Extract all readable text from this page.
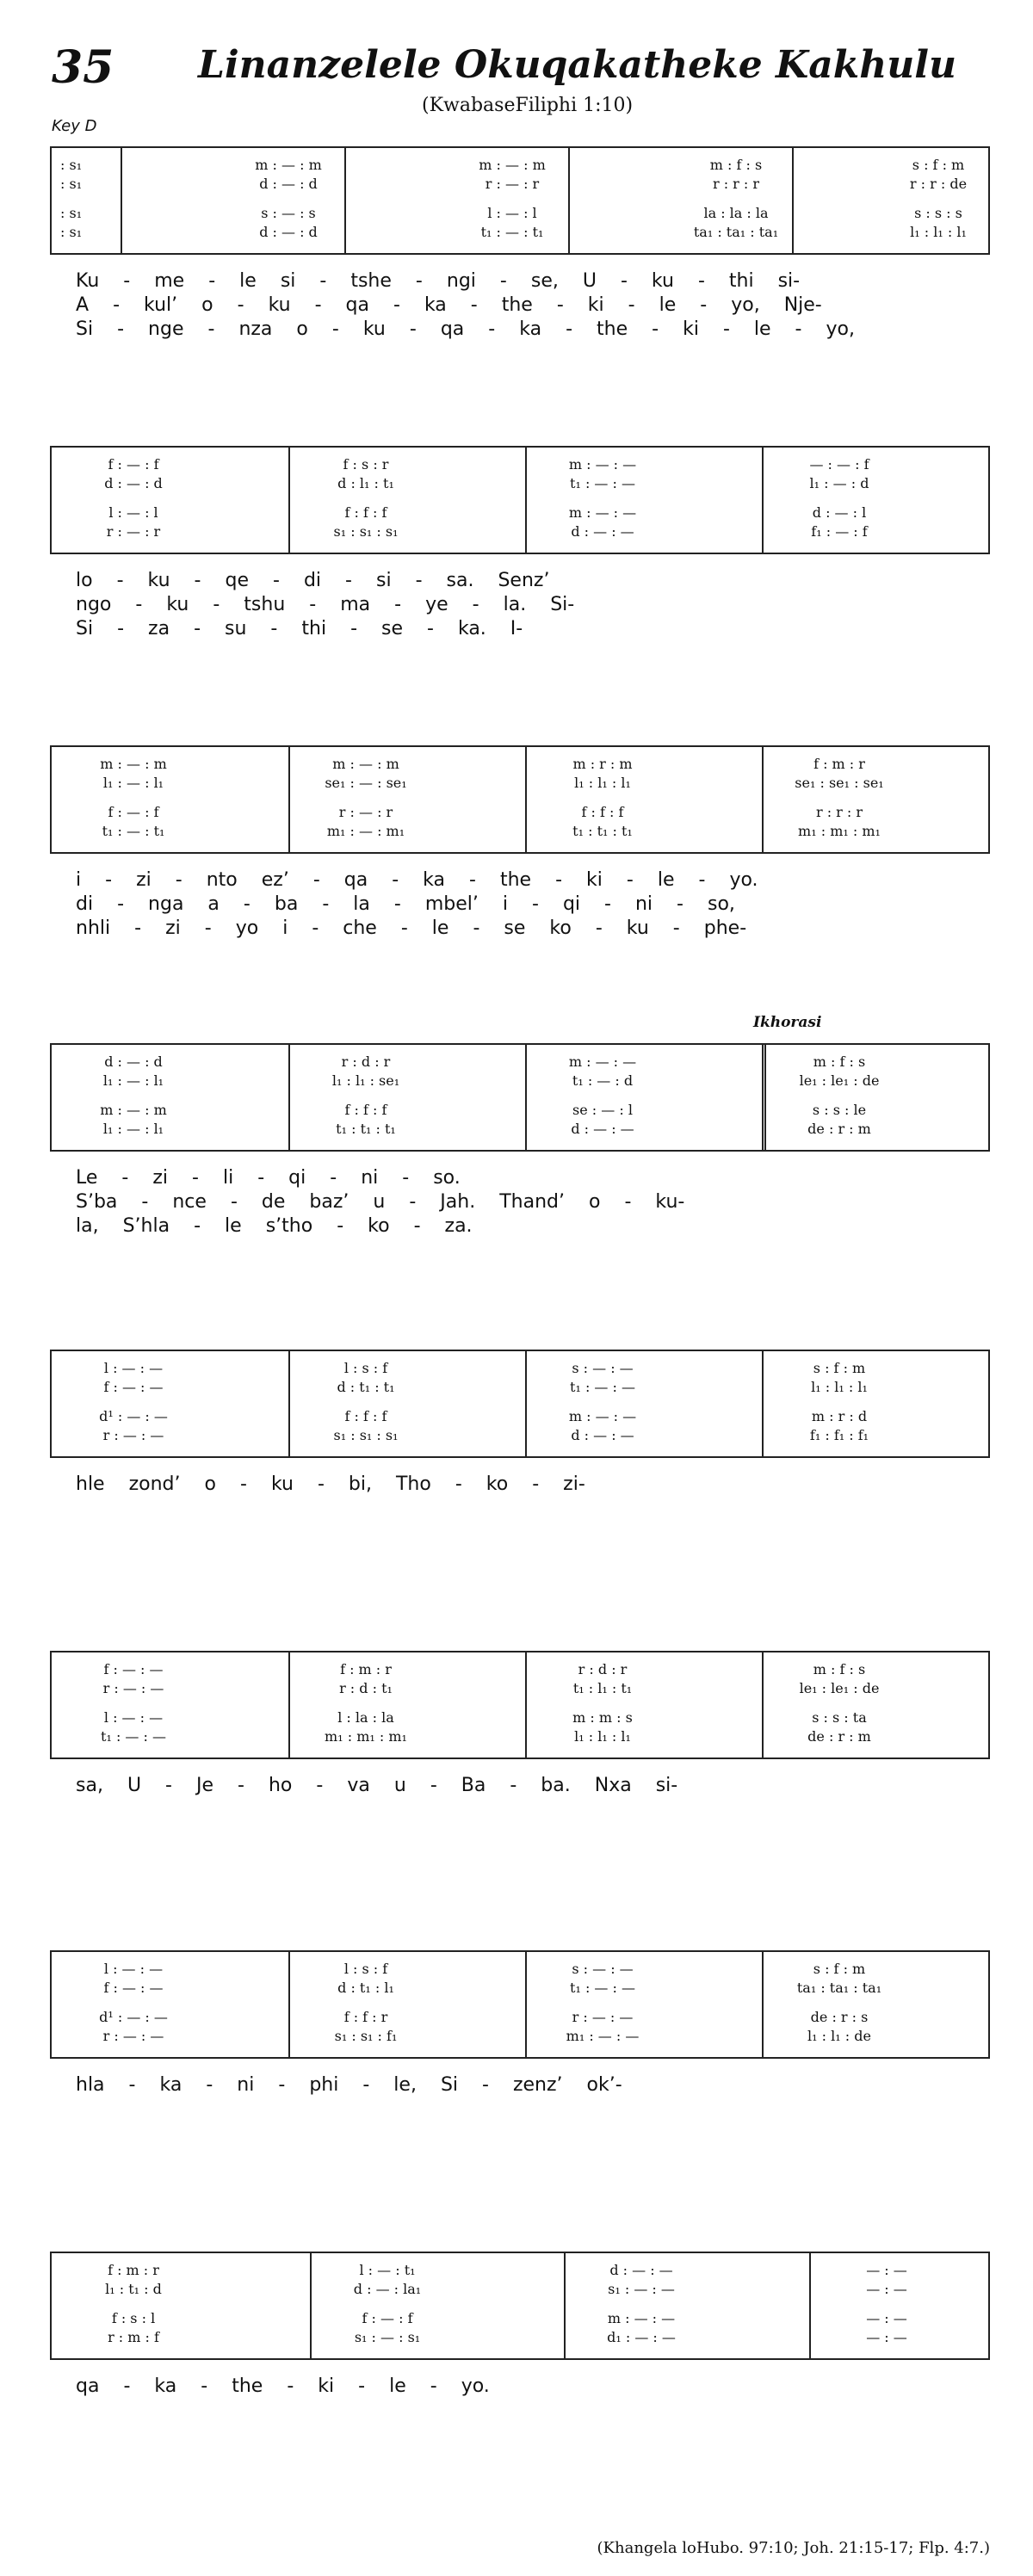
35 Linanzelele Okuqakatheke Kakhulu
(KwabaseFiliphi 1:10)
Key D
Ikhorasi
: s₁
: s₁
: s₁
: s₁
m : — : m
d : — : d
s : — : s
d : — : d
m : — : m
r : — : r
l : — : l
t₁ : — : t₁
m : f : s
r : r : r
la : la : la
ta₁ : ta₁ : ta₁
s : f : m
r : r : de
s : s : s
l₁ : l₁ : l₁
Ku - me - le si - tshe - ngi - se, U - ku - thi si-
A - kul’ o - ku - qa - ka - the - ki - le - yo, Nje-
Si - nge - nza o - ku - qa - ka - the - ki - le - yo,
f : — : f
d : — : d
l : — : l
r : — : r
f : s : r
d : l₁ : t₁
f : f : f
s₁ : s₁ : s₁
m : — : —
t₁ : — : —
m : — : —
d : — : —
— : — : f
l₁ : — : d
d : — : l
f₁ : — : f
lo - ku - qe - di - si - sa. Senz’
ngo - ku - tshu - ma - ye - la. Si-
Si - za - su - thi - se - ka. I-
m : — : m
l₁ : — : l₁
f : — : f
t₁ : — : t₁
m : — : m
se₁ : — : se₁
r : — : r
m₁ : — : m₁
m : r : m
l₁ : l₁ : l₁
f : f : f
t₁ : t₁ : t₁
f : m : r
se₁ : se₁ : se₁
r : r : r
m₁ : m₁ : m₁
i - zi - nto ez’ - qa - ka - the - ki - le - yo.
di - nga a - ba - la - mbel’ i - qi - ni - so,
nhli - zi - yo i - che - le - se ko - ku - phe-
d : — : d
l₁ : — : l₁
m : — : m
l₁ : — : l₁
r : d : r
l₁ : l₁ : se₁
f : f : f
t₁ : t₁ : t₁
m : — : —
t₁ : — : d
se : — : l
d : — : —
m : f : s
le₁ : le₁ : de
s : s : le
de : r : m
Le - zi - li - qi - ni - so.
S’ba - nce - de baz’ u - Jah. Thand’ o - ku-
la, S’hla - le s’tho - ko - za.
l : — : —
f : — : —
d¹ : — : —
r : — : —
l : s : f
d : t₁ : t₁
f : f : f
s₁ : s₁ : s₁
s : — : —
t₁ : — : —
m : — : —
d : — : —
s : f : m
l₁ : l₁ : l₁
m : r : d
f₁ : f₁ : f₁
hle zond’ o - ku - bi, Tho - ko - zi-
f : — : —
r : — : —
l : — : —
t₁ : — : —
f : m : r
r : d : t₁
l : la : la
m₁ : m₁ : m₁
r : d : r
t₁ : l₁ : t₁
m : m : s
l₁ : l₁ : l₁
m : f : s
le₁ : le₁ : de
s : s : ta
de : r : m
sa, U - Je - ho - va u - Ba - ba. Nxa si-
l : — : —
f : — : —
d¹ : — : —
r : — : —
l : s : f
d : t₁ : l₁
f : f : r
s₁ : s₁ : f₁
s : — : —
t₁ : — : —
r : — : —
m₁ : — : —
s : f : m
ta₁ : ta₁ : ta₁
de : r : s
l₁ : l₁ : de
hla - ka - ni - phi - le, Si - zenz’ ok’-
f : m : r
l₁ : t₁ : d
f : s : l
r : m : f
l : — : t₁
d : — : la₁
f : — : f
s₁ : — : s₁
d : — : —
s₁ : — : —
m : — : —
d₁ : — : —
— : —
— : —
— : —
— : —
qa - ka - the - ki - le - yo.
(Khangela loHubo. 97:10; Joh. 21:15-17; Flp. 4:7.)
